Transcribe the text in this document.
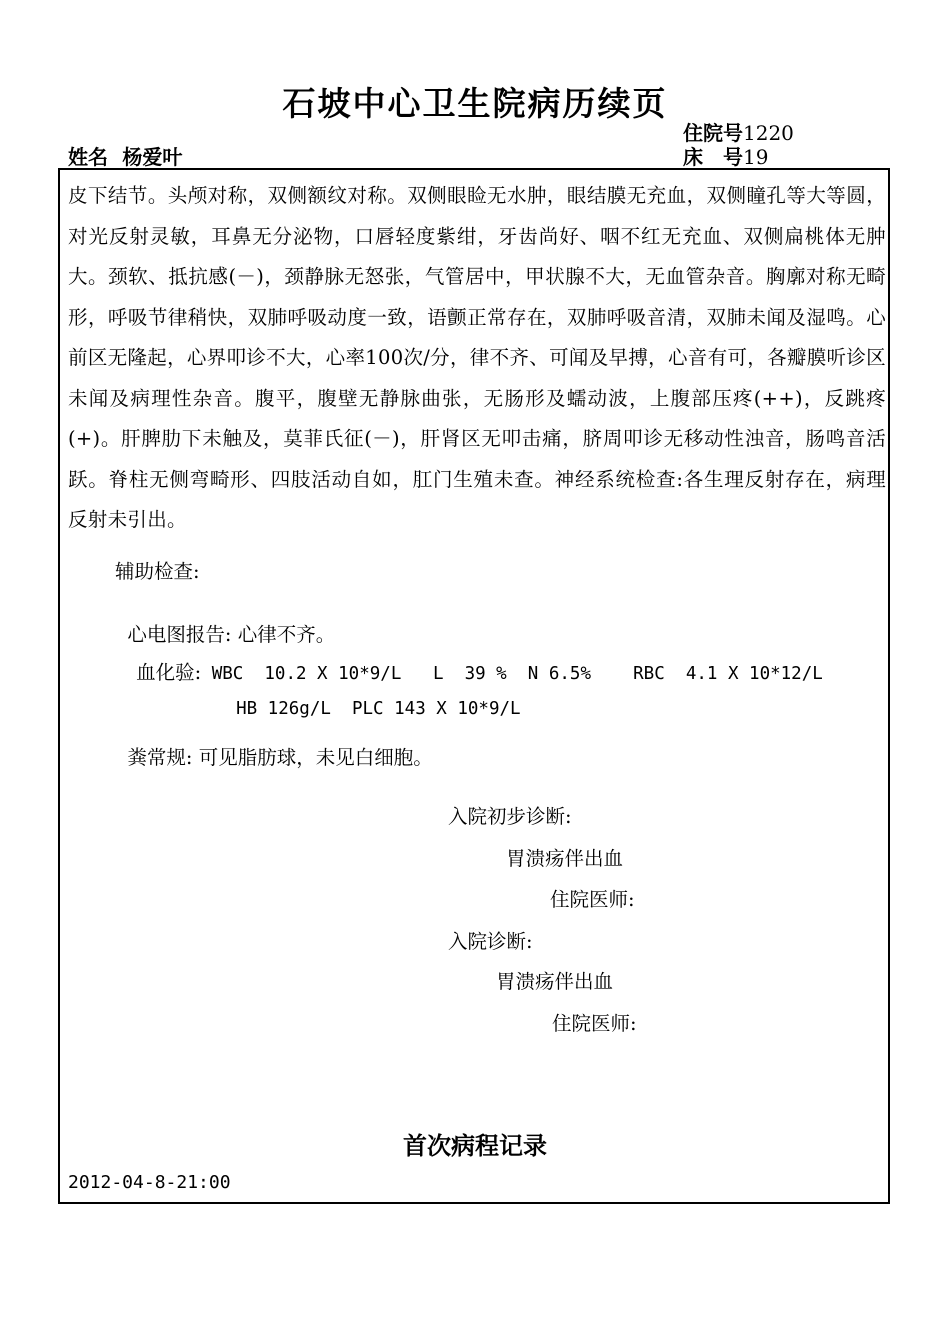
石坡中心卫生院病历续页
住院号1220
姓名 杨爱叶	床　号19
皮下结节。头颅对称，双侧额纹对称。双侧眼睑无水肿，眼结膜无充血，双侧瞳孔等大等圆，对光反射灵敏，耳鼻无分泌物，口唇轻度紫绀，牙齿尚好、咽不红无充血、双侧扁桃体无肿大。颈软、抵抗感(－)，颈静脉无怒张，气管居中，甲状腺不大，无血管杂音。胸廓对称无畸形，呼吸节律稍快，双肺呼吸动度一致，语颤正常存在，双肺呼吸音清，双肺未闻及湿鸣。心前区无隆起，心界叩诊不大，心率100次/分，律不齐、可闻及早搏，心音有可，各瓣膜听诊区未闻及病理性杂音。腹平，腹壁无静脉曲张，无肠形及蠕动波，上腹部压疼(++)，反跳疼(+)。肝脾肋下未触及，莫菲氏征(－)，肝肾区无叩击痛，脐周叩诊无移动性浊音，肠鸣音活跃。脊柱无侧弯畸形、四肢活动自如，肛门生殖未查。神经系统检查:各生理反射存在，病理反射未引出。
辅助检查:

心电图报告: 心律不齐。

血化验: WBC  10.2 X 10*9/L   L  39 %  N 6.5%    RBC  4.1 X 10*12/L

HB 126g/L  PLC 143 X 10*9/L

粪常规: 可见脂肪球，未见白细胞。

入院初步诊断:
胃溃疡伴出血
住院医师:
入院诊断:
胃溃疡伴出血
住院医师:
首次病程记录
2012-04-8-21:00
